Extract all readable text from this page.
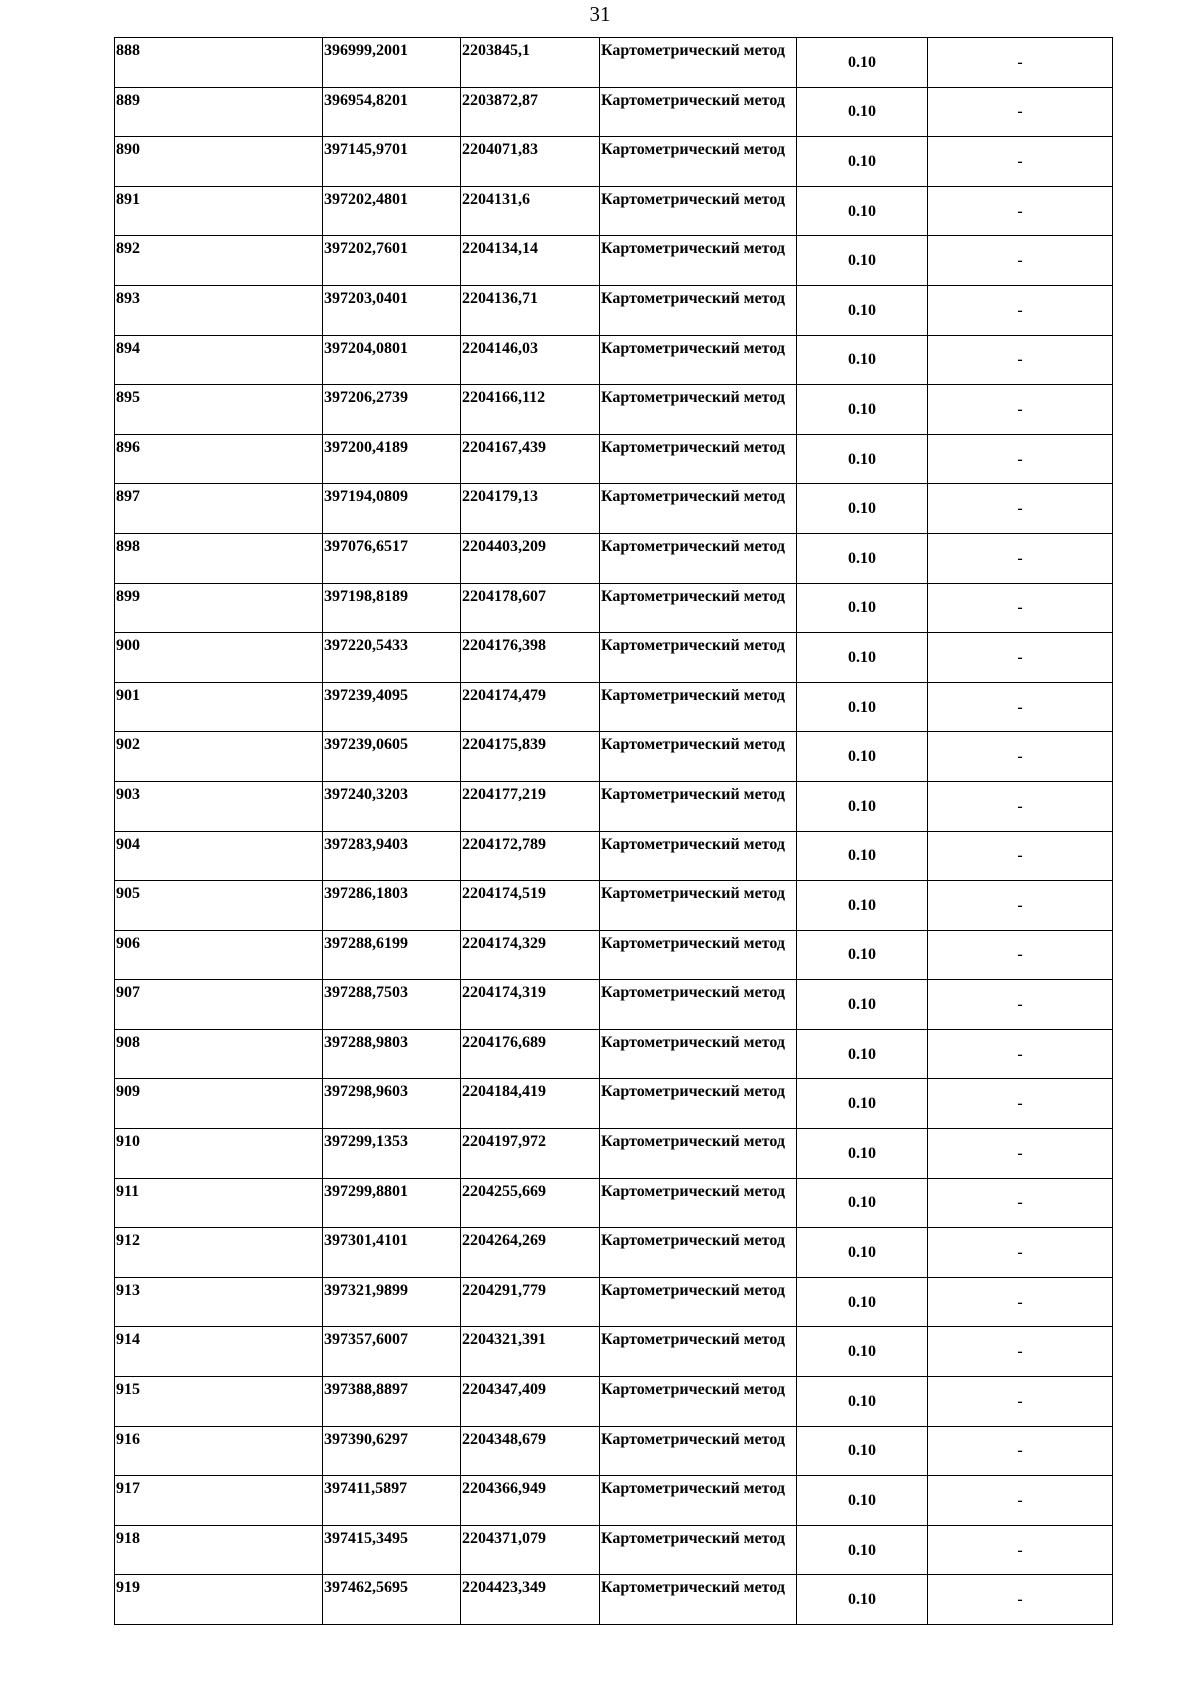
31
888	396999,2001	2203845,1	Картометрический метод	0.10	-
889	396954,8201	2203872,87	Картометрический метод	0.10	-
890	397145,9701	2204071,83	Картометрический метод	0.10	-
891	397202,4801	2204131,6	Картометрический метод	0.10	-
892	397202,7601	2204134,14	Картометрический метод	0.10	-
893	397203,0401	2204136,71	Картометрический метод	0.10	-
894	397204,0801	2204146,03	Картометрический метод	0.10	-
895	397206,2739	2204166,112	Картометрический метод	0.10	-
896	397200,4189	2204167,439	Картометрический метод	0.10	-
897	397194,0809	2204179,13	Картометрический метод	0.10	-
898	397076,6517	2204403,209	Картометрический метод	0.10	-
899	397198,8189	2204178,607	Картометрический метод	0.10	-
900	397220,5433	2204176,398	Картометрический метод	0.10	-
901	397239,4095	2204174,479	Картометрический метод	0.10	-
902	397239,0605	2204175,839	Картометрический метод	0.10	-
903	397240,3203	2204177,219	Картометрический метод	0.10	-
904	397283,9403	2204172,789	Картометрический метод	0.10	-
905	397286,1803	2204174,519	Картометрический метод	0.10	-
906	397288,6199	2204174,329	Картометрический метод	0.10	-
907	397288,7503	2204174,319	Картометрический метод	0.10	-
908	397288,9803	2204176,689	Картометрический метод	0.10	-
909	397298,9603	2204184,419	Картометрический метод	0.10	-
910	397299,1353	2204197,972	Картометрический метод	0.10	-
911	397299,8801	2204255,669	Картометрический метод	0.10	-
912	397301,4101	2204264,269	Картометрический метод	0.10	-
913	397321,9899	2204291,779	Картометрический метод	0.10	-
914	397357,6007	2204321,391	Картометрический метод	0.10	-
915	397388,8897	2204347,409	Картометрический метод	0.10	-
916	397390,6297	2204348,679	Картометрический метод	0.10	-
917	397411,5897	2204366,949	Картометрический метод	0.10	-
918	397415,3495	2204371,079	Картометрический метод	0.10	-
919	397462,5695	2204423,349	Картометрический метод	0.10	-
